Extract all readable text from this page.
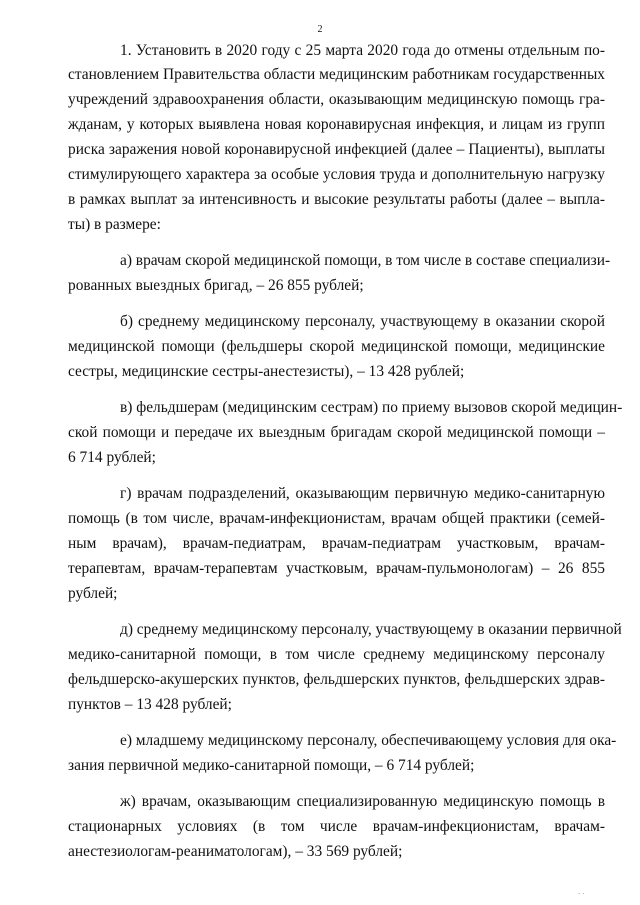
2
1. Установить в 2020 году с 25 марта 2020 года до отмены отдельным по-
становлением Правительства области медицинским работникам государственных
учреждений здравоохранения области, оказывающим медицинскую помощь гра-
жданам, у которых выявлена новая коронавирусная инфекция, и лицам из групп
риска заражения новой коронавирусной инфекцией (далее – Пациенты), выплаты
стимулирующего характера за особые условия труда и дополнительную нагрузку
в рамках выплат за интенсивность и высокие результаты работы (далее – выпла-
ты) в размере:
а) врачам скорой медицинской помощи, в том числе в составе специализи-
рованных выездных бригад, – 26 855 рублей;
б) среднему медицинскому персоналу, участвующему в оказании скорой
медицинской помощи (фельдшеры скорой медицинской помощи, медицинские
сестры, медицинские сестры-анестезисты), – 13 428 рублей;
в) фельдшерам (медицинским сестрам) по приему вызовов скорой медицин-
ской помощи и передаче их выездным бригадам скорой медицинской помощи –
6 714 рублей;
г) врачам подразделений, оказывающим первичную медико-санитарную
помощь (в том числе, врачам-инфекционистам, врачам общей практики (семей-
ным врачам), врачам-педиатрам, врачам-педиатрам участковым, врачам-
терапевтам, врачам-терапевтам участковым, врачам-пульмонологам) – 26 855
рублей;
д) среднему медицинскому персоналу, участвующему в оказании первичной
медико-санитарной помощи, в том числе среднему медицинскому персоналу
фельдшерско-акушерских пунктов, фельдшерских пунктов, фельдшерских здрав-
пунктов – 13 428 рублей;
е) младшему медицинскому персоналу, обеспечивающему условия для ока-
зания первичной медико-санитарной помощи, – 6 714 рублей;
ж) врачам, оказывающим специализированную медицинскую помощь в
стационарных условиях (в том числе врачам-инфекционистам, врачам-
анестезиологам-реаниматологам), – 33 569 рублей;
· ·
